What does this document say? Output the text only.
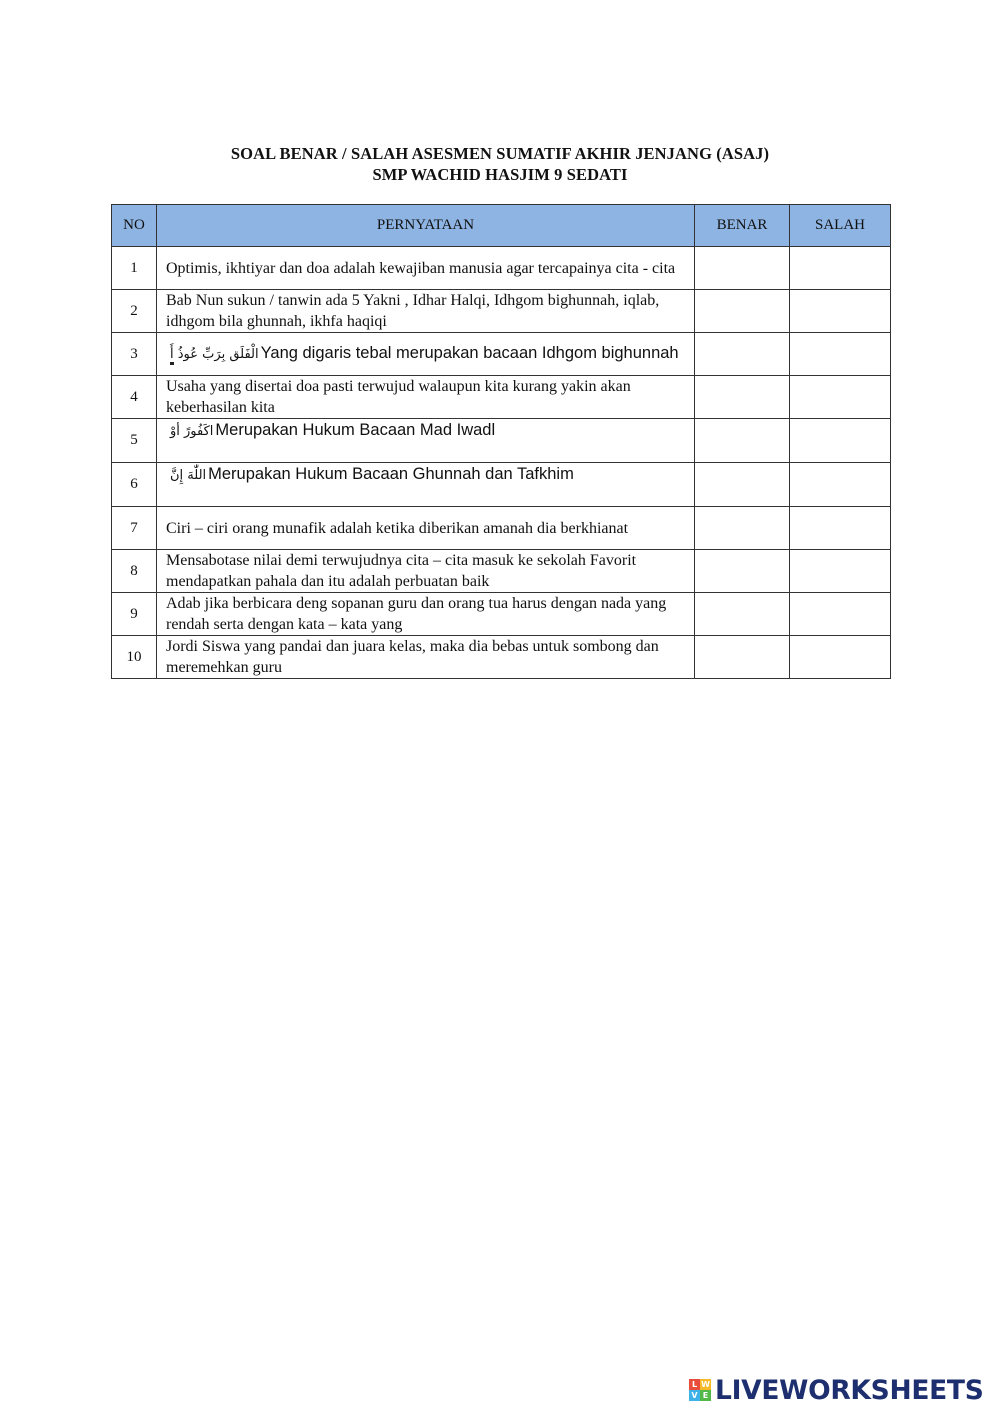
SOAL BENAR / SALAH ASESMEN SUMATIF AKHIR JENJANG (ASAJ)
SMP WACHID HASJIM 9 SEDATI
NO	PERNYATAAN	BENAR	SALAH
1	Optimis, ikhtiyar dan doa adalah kewajiban manusia agar tercapainya cita - cita		
2	Bab Nun sukun / tanwin ada 5 Yakni , Idhar Halqi, Idhgom bighunnah, iqlab, idhgom bila ghunnah, ikhfa haqiqi		
3	الْفَلَق بِرَبِّ عُوذُ أَ Yang digaris tebal merupakan bacaan Idhgom bighunnah		
4	Usaha yang disertai doa pasti terwujud walaupun kita kurang yakin akan keberhasilan kita		
5	اكَفُورً أوْ Merupakan Hukum Bacaan Mad Iwadl		
6	اللّٰهَ إِنَّ Merupakan Hukum Bacaan Ghunnah dan Tafkhim		
7	Ciri – ciri orang munafik adalah ketika diberikan amanah dia berkhianat		
8	Mensabotase nilai demi terwujudnya cita – cita masuk ke sekolah Favorit mendapatkan pahala dan itu adalah perbuatan baik		
9	Adab jika berbicara deng sopanan guru dan orang tua harus dengan nada yang rendah serta dengan kata – kata yang		
10	Jordi Siswa yang pandai dan juara kelas, maka dia bebas untuk sombong dan meremehkan guru		
L W
V E LIVEWORKSHEETS
